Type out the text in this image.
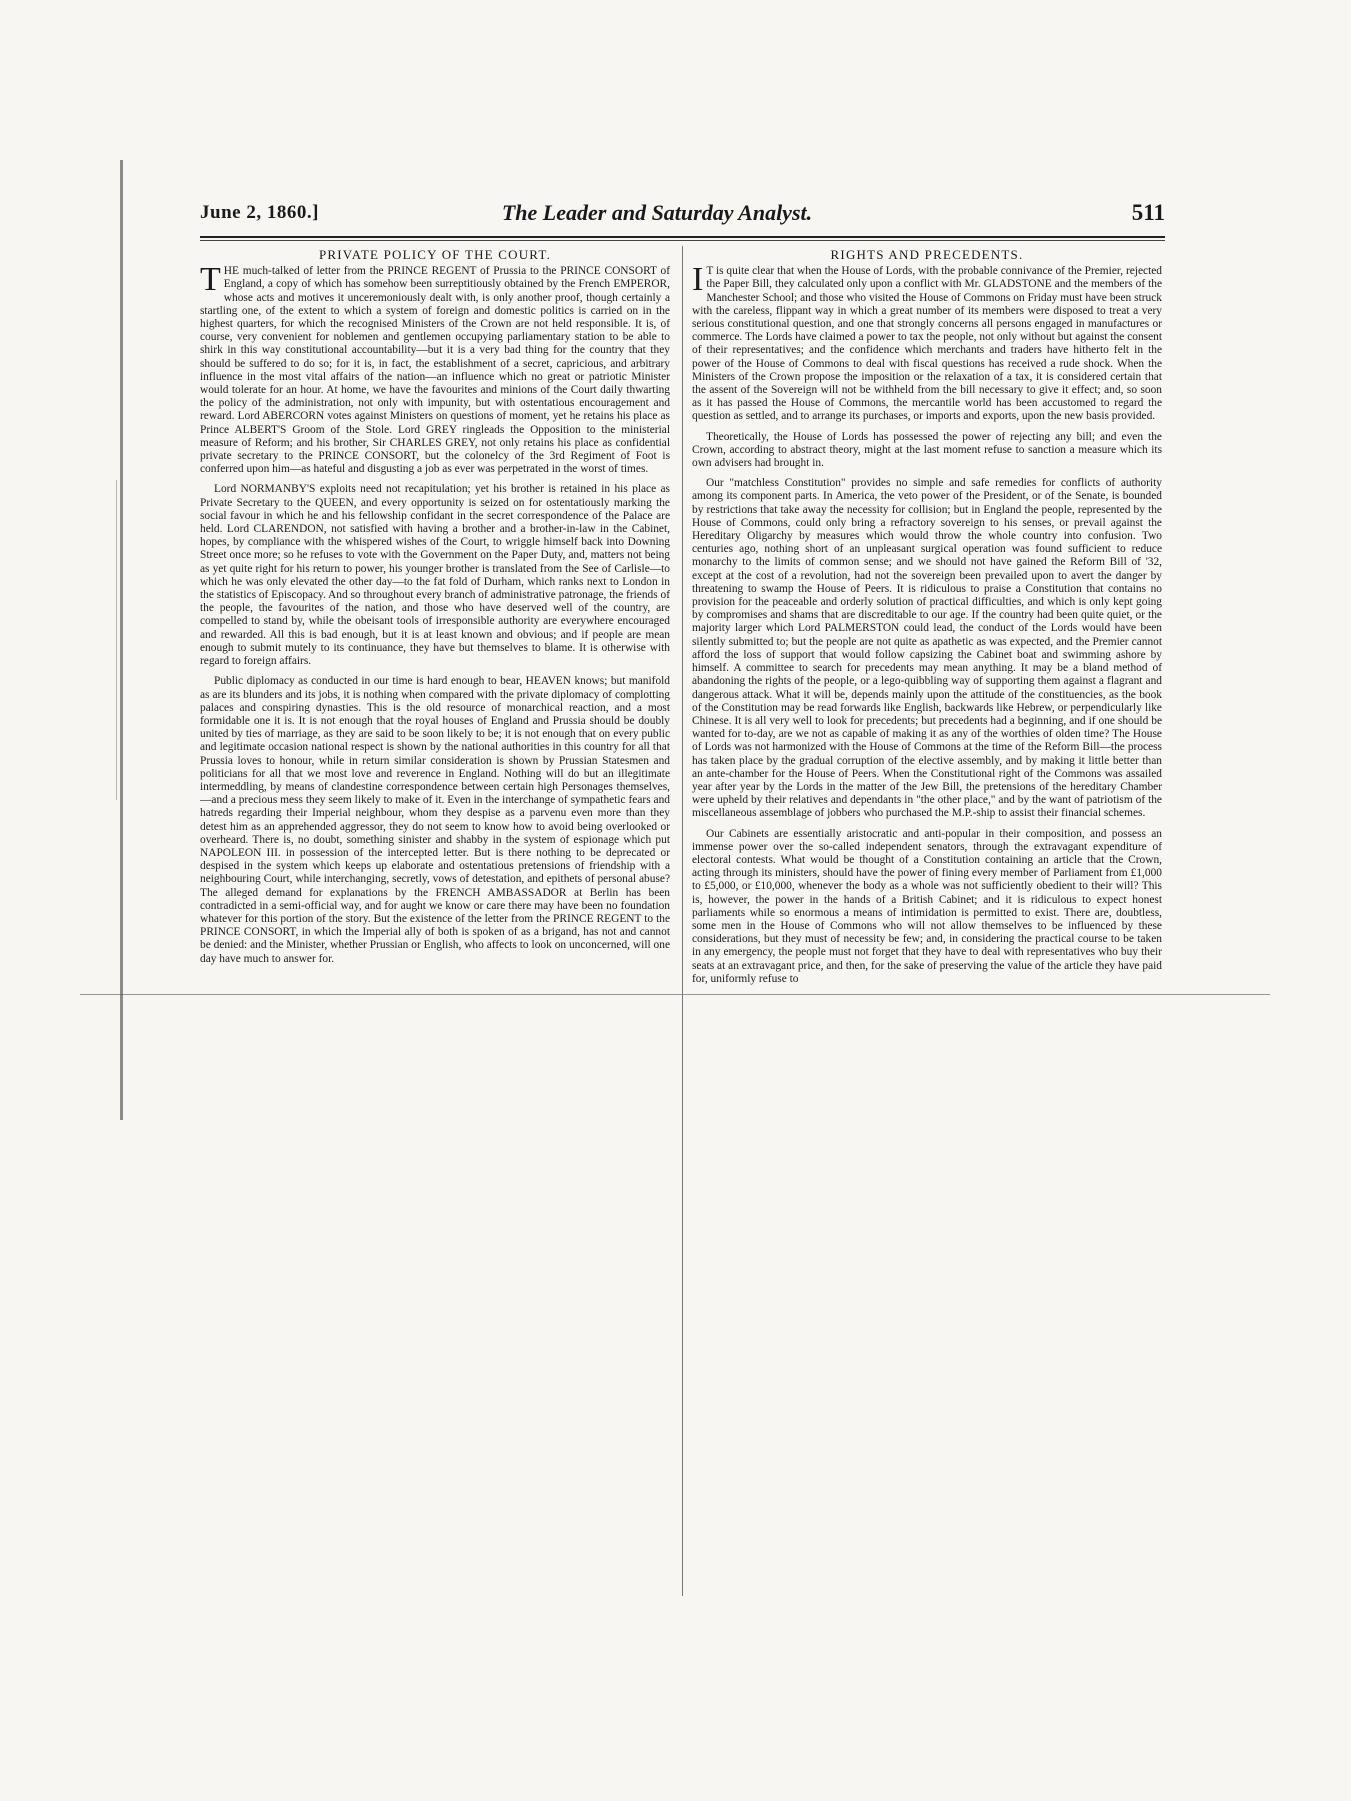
June 2, 1860.]	The Leader and Saturday Analyst.	511
PRIVATE POLICY OF THE COURT.

THE much-talked of letter from the PRINCE REGENT of Prussia to the PRINCE CONSORT of England, a copy of which has somehow been surreptitiously obtained by the French EMPEROR, whose acts and motives it unceremoniously dealt with, is only another proof, though certainly a startling one, of the extent to which a system of foreign and domestic politics is carried on in the highest quarters, for which the recognised Ministers of the Crown are not held responsible. It is, of course, very convenient for noblemen and gentlemen occupying parliamentary station to be able to shirk in this way constitutional accountability—but it is a very bad thing for the country that they should be suffered to do so; for it is, in fact, the establishment of a secret, capricious, and arbitrary influence in the most vital affairs of the nation—an influence which no great or patriotic Minister would tolerate for an hour. At home, we have the favourites and minions of the Court daily thwarting the policy of the administration, not only with impunity, but with ostentatious encouragement and reward. Lord ABERCORN votes against Ministers on questions of moment, yet he retains his place as Prince ALBERT'S Groom of the Stole. Lord GREY ringleads the Opposition to the ministerial measure of Reform; and his brother, Sir CHARLES GREY, not only retains his place as confidential private secretary to the PRINCE CONSORT, but the colonelcy of the 3rd Regiment of Foot is conferred upon him—as hateful and disgusting a job as ever was perpetrated in the worst of times.

Lord NORMANBY'S exploits need not recapitulation; yet his brother is retained in his place as Private Secretary to the QUEEN, and every opportunity is seized on for ostentatiously marking the social favour in which he and his fellowship confidant in the secret correspondence of the Palace are held. Lord CLARENDON, not satisfied with having a brother and a brother-in-law in the Cabinet, hopes, by compliance with the whispered wishes of the Court, to wriggle himself back into Downing Street once more; so he refuses to vote with the Government on the Paper Duty, and, matters not being as yet quite right for his return to power, his younger brother is translated from the See of Carlisle—to which he was only elevated the other day—to the fat fold of Durham, which ranks next to London in the statistics of Episcopacy. And so throughout every branch of administrative patronage, the friends of the people, the favourites of the nation, and those who have deserved well of the country, are compelled to stand by, while the obeisant tools of irresponsible authority are everywhere encouraged and rewarded. All this is bad enough, but it is at least known and obvious; and if people are mean enough to submit mutely to its continuance, they have but themselves to blame. It is otherwise with regard to foreign affairs.

Public diplomacy as conducted in our time is hard enough to bear, HEAVEN knows; but manifold as are its blunders and its jobs, it is nothing when compared with the private diplomacy of complotting palaces and conspiring dynasties. This is the old resource of monarchical reaction, and a most formidable one it is. It is not enough that the royal houses of England and Prussia should be doubly united by ties of marriage, as they are said to be soon likely to be; it is not enough that on every public and legitimate occasion national respect is shown by the national authorities in this country for all that Prussia loves to honour, while in return similar consideration is shown by Prussian Statesmen and politicians for all that we most love and reverence in England. Nothing will do but an illegitimate intermeddling, by means of clandestine correspondence between certain high Personages themselves,—and a precious mess they seem likely to make of it. Even in the interchange of sympathetic fears and hatreds regarding their Imperial neighbour, whom they despise as a parvenu even more than they detest him as an apprehended aggressor, they do not seem to know how to avoid being overlooked or overheard. There is, no doubt, something sinister and shabby in the system of espionage which put NAPOLEON III. in possession of the intercepted letter. But is there nothing to be deprecated or despised in the system which keeps up elaborate and ostentatious pretensions of friendship with a neighbouring Court, while interchanging, secretly, vows of detestation, and epithets of personal abuse? The alleged demand for explanations by the FRENCH AMBASSADOR at Berlin has been contradicted in a semi-official way, and for aught we know or care there may have been no foundation whatever for this portion of the story. But the existence of the letter from the PRINCE REGENT to the PRINCE CONSORT, in which the Imperial ally of both is spoken of as a brigand, has not and cannot be denied: and the Minister, whether Prussian or English, who affects to look on unconcerned, will one day have much to answer for.

RIGHTS AND PRECEDENTS.

I T is quite clear that when the House of Lords, with the probable connivance of the Premier, rejected the Paper Bill, they calculated only upon a conflict with Mr. GLADSTONE and the members of the Manchester School; and those who visited the House of Commons on Friday must have been struck with the careless, flippant way in which a great number of its members were disposed to treat a very serious constitutional question, and one that strongly concerns all persons engaged in manufactures or commerce. The Lords have claimed a power to tax the people, not only without but against the consent of their representatives; and the confidence which merchants and traders have hitherto felt in the power of the House of Commons to deal with fiscal questions has received a rude shock. When the Ministers of the Crown propose the imposition or the relaxation of a tax, it is considered certain that the assent of the Sovereign will not be withheld from the bill necessary to give it effect; and, so soon as it has passed the House of Commons, the mercantile world has been accustomed to regard the question as settled, and to arrange its purchases, or imports and exports, upon the new basis provided.

Theoretically, the House of Lords has possessed the power of rejecting any bill; and even the Crown, according to abstract theory, might at the last moment refuse to sanction a measure which its own advisers had brought in.

Our "matchless Constitution" provides no simple and safe remedies for conflicts of authority among its component parts. In America, the veto power of the President, or of the Senate, is bounded by restrictions that take away the necessity for collision; but in England the people, represented by the House of Commons, could only bring a refractory sovereign to his senses, or prevail against the Hereditary Oligarchy by measures which would throw the whole country into confusion. Two centuries ago, nothing short of an unpleasant surgical operation was found sufficient to reduce monarchy to the limits of common sense; and we should not have gained the Reform Bill of '32, except at the cost of a revolution, had not the sovereign been prevailed upon to avert the danger by threatening to swamp the House of Peers. It is ridiculous to praise a Constitution that contains no provision for the peaceable and orderly solution of practical difficulties, and which is only kept going by compromises and shams that are discreditable to our age. If the country had been quite quiet, or the majority larger which Lord PALMERSTON could lead, the conduct of the Lords would have been silently submitted to; but the people are not quite as apathetic as was expected, and the Premier cannot afford the loss of support that would follow capsizing the Cabinet boat and swimming ashore by himself. A committee to search for precedents may mean anything. It may be a bland method of abandoning the rights of the people, or a lego-quibbling way of supporting them against a flagrant and dangerous attack. What it will be, depends mainly upon the attitude of the constituencies, as the book of the Constitution may be read forwards like English, backwards like Hebrew, or perpendicularly like Chinese. It is all very well to look for precedents; but precedents had a beginning, and if one should be wanted for to-day, are we not as capable of making it as any of the worthies of olden time? The House of Lords was not harmonized with the House of Commons at the time of the Reform Bill—the process has taken place by the gradual corruption of the elective assembly, and by making it little better than an ante-chamber for the House of Peers. When the Constitutional right of the Commons was assailed year after year by the Lords in the matter of the Jew Bill, the pretensions of the hereditary Chamber were upheld by their relatives and dependants in "the other place," and by the want of patriotism of the miscellaneous assemblage of jobbers who purchased the M.P.-ship to assist their financial schemes.

Our Cabinets are essentially aristocratic and anti-popular in their composition, and possess an immense power over the so-called independent senators, through the extravagant expenditure of electoral contests. What would be thought of a Constitution containing an article that the Crown, acting through its ministers, should have the power of fining every member of Parliament from £1,000 to £5,000, or £10,000, whenever the body as a whole was not sufficiently obedient to their will? This is, however, the power in the hands of a British Cabinet; and it is ridiculous to expect honest parliaments while so enormous a means of intimidation is permitted to exist. There are, doubtless, some men in the House of Commons who will not allow themselves to be influenced by these considerations, but they must of necessity be few; and, in considering the practical course to be taken in any emergency, the people must not forget that they have to deal with representatives who buy their seats at an extravagant price, and then, for the sake of preserving the value of the article they have paid for, uniformly refuse to
